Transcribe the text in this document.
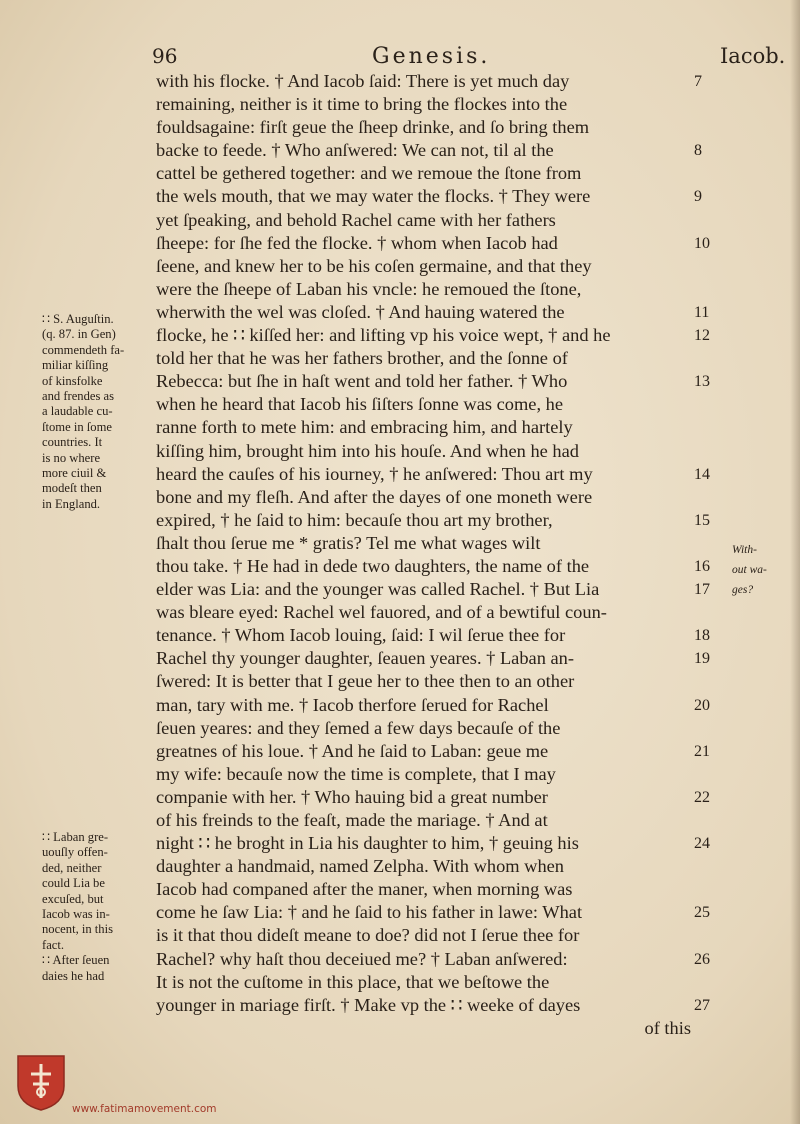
96	Genesis.	Iacob.
with his flocke. † And Iacob ſaid: There is yet much day
remaining, neither is it time to bring the flockes into the
fouldsagaine: firſt geue the ſheep drinke, and ſo bring them
backe to feede. † Who anſwered: We can not, til al the
cattel be gethered together: and we remoue the ſtone from
the wels mouth, that we may water the flocks. † They were
yet ſpeaking, and behold Rachel came with her fathers
ſheepe: for ſhe fed the flocke. † whom when Iacob had
ſeene, and knew her to be his coſen germaine, and that they
were the ſheepe of Laban his vncle: he remoued the ſtone,
wherwith the wel was cloſed. † And hauing watered the
flocke, he ∷ kiſſed her: and lifting vp his voice wept, † and he
told her that he was her fathers brother, and the ſonne of
Rebecca: but ſhe in haſt went and told her father. † Who
when he heard that Iacob his ſiſters ſonne was come, he
ranne forth to mete him: and embracing him, and hartely
kiſſing him, brought him into his houſe. And when he had
heard the cauſes of his iourney, † he anſwered: Thou art my
bone and my fleſh. And after the dayes of one moneth were
expired, † he ſaid to him: becauſe thou art my brother,
ſhalt thou ſerue me * gratis? Tel me what wages wilt
thou take. † He had in dede two daughters, the name of the
elder was Lia: and the younger was called Rachel. † But Lia
was bleare eyed: Rachel wel fauored, and of a bewtiful coun-
tenance. † Whom Iacob louing, ſaid: I wil ſerue thee for
Rachel thy younger daughter, ſeauen yeares. † Laban an-
ſwered: It is better that I geue her to thee then to an other
man, tary with me. † Iacob therfore ſerued for Rachel
ſeuen yeares: and they ſemed a few days becauſe of the
greatnes of his loue. † And he ſaid to Laban: geue me
my wife: becauſe now the time is complete, that I may
companie with her. † Who hauing bid a great number
of his freinds to the feaſt, made the mariage. † And at
night ∷ he broght in Lia his daughter to him, † geuing his
daughter a handmaid, named Zelpha. With whom when
Iacob had companed after the maner, when morning was
come he ſaw Lia: † and he ſaid to his father in lawe: What
is it that thou dideſt meane to doe? did not I ſerue thee for
Rachel? why haſt thou deceiued me? † Laban anſwered:
It is not the cuſtome in this place, that we beſtowe the
younger in mariage firſt. † Make vp the ∷ weeke of dayes
of this
7
8
9
10
11
12
13
14
15
16
17
18
19
20
21
22
24
25
26
27
∷ S. Auguſtin.
(q. 87. in Gen)
commendeth fa-
miliar kiſſing
of kinsfolke
and frendes as
a laudable cu-
ſtome in ſome
countries. It
is no where
more ciuil &
modeſt then
in England.
∷ Laban gre-
uouſly offen-
ded, neither
could Lia be
excuſed, but
Iacob was in-
nocent, in this
fact.
∷ After ſeuen
daies he had
With-
out wa-
ges?
www.fatimamovement.com
